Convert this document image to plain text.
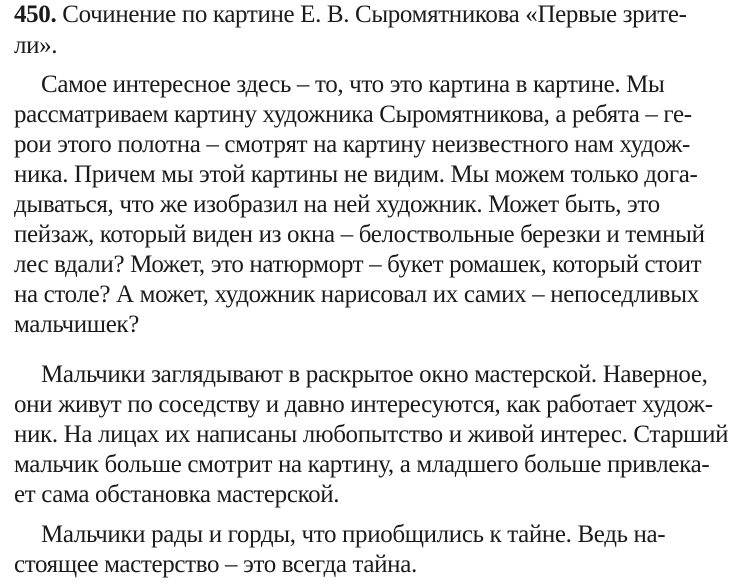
450. Сочинение по картине Е. В. Сыромятникова «Первые зрите-
ли».
Самое интересное здесь – то, что это картина в картине. Мы
рассматриваем картину художника Сыромятникова, а ребята – ге-
рои этого полотна – смотрят на картину неизвестного нам худож-
ника. Причем мы этой картины не видим. Мы можем только дога-
дываться, что же изобразил на ней художник. Может быть, это
пейзаж, который виден из окна – белоствольные березки и темный
лес вдали? Может, это натюрморт – букет ромашек, который стоит
на столе? А может, художник нарисовал их самих – непоседливых
мальчишек?
Мальчики заглядывают в раскрытое окно мастерской. Наверное,
они живут по соседству и давно интересуются, как работает худож-
ник. На лицах их написаны любопытство и живой интерес. Старший
мальчик больше смотрит на картину, а младшего больше привлека-
ет сама обстановка мастерской.
Мальчики рады и горды, что приобщились к тайне. Ведь на-
стоящее мастерство – это всегда тайна.
